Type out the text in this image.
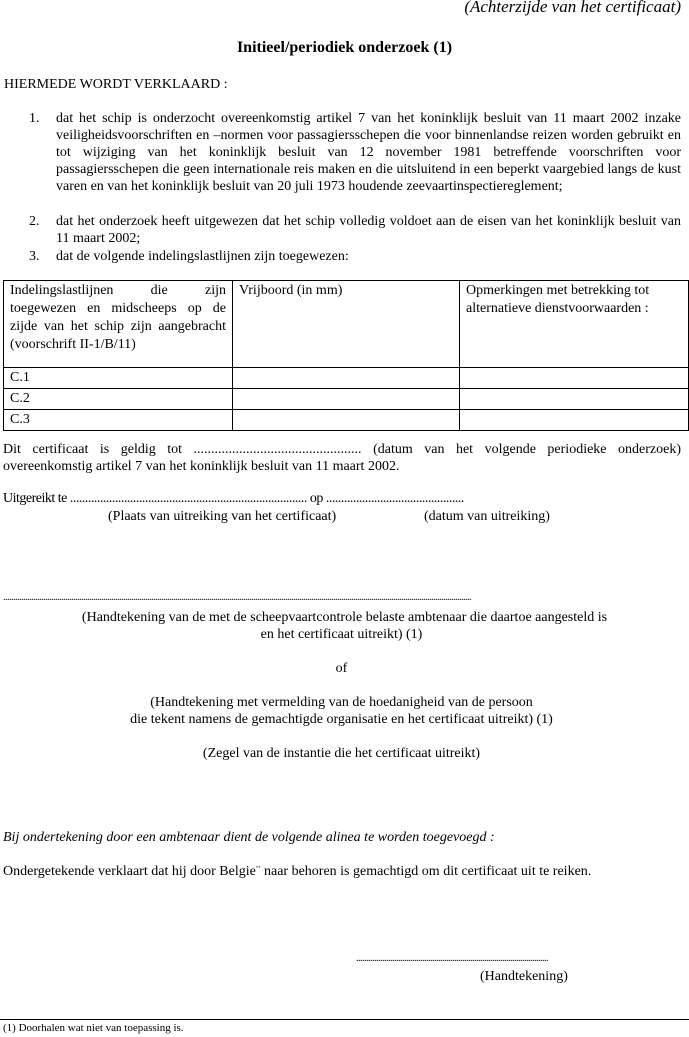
(Achterzijde van het certificaat)
Initieel/periodiek onderzoek (1)
HIERMEDE WORDT VERKLAARD :
1. dat het schip is onderzocht overeenkomstig artikel 7 van het koninklijk besluit van 11 maart 2002 inzake veiligheidsvoorschriften en –normen voor passagiersschepen die voor binnenlandse reizen worden gebruikt en tot wijziging van het koninklijk besluit van 12 november 1981 betreffende voorschriften voor passagiersschepen die geen internationale reis maken en die uitsluitend in een beperkt vaargebied langs de kust varen en van het koninklijk besluit van 20 juli 1973 houdende zeevaartinspectiereglement;
2. dat het onderzoek heeft uitgewezen dat het schip volledig voldoet aan de eisen van het koninklijk besluit van 11 maart 2002;
3. dat de volgende indelingslastlijnen zijn toegewezen:
Indelingslastlijnen die zijn toegewezen en midscheeps op de zijde van het schip zijn aangebracht (voorschrift II-1/B/11)	Vrijboord (in mm)	Opmerkingen met betrekking tot alternatieve dienstvoorwaarden :
C.1		
C.2		
C.3		
Dit certificaat is geldig tot ................................................ (datum van het volgende periodieke onderzoek) overeenkomstig artikel 7 van het koninklijk besluit van 11 maart 2002.
Uitgereikt te ............................................................................... op ..............................................
(Plaats van uitreiking van het certificaat)	(datum van uitreiking)
..........................................................................................................................................................................................................................................
(Handtekening van de met de scheepvaartcontrole belaste ambtenaar die daartoe aangesteld is
en het certificaat uitreikt) (1)
of
(Handtekening met vermelding van de hoedanigheid van de persoon
die tekent namens de gemachtigde organisatie en het certificaat uitreikt) (1)
(Zegel van de instantie die het certificaat uitreikt)
Bij ondertekening door een ambtenaar dient de volgende alinea te worden toegevoegd :
Ondergetekende verklaart dat hij door Belgie¨ naar behoren is gemachtigd om dit certificaat uit te reiken.
................................................................................................
(Handtekening)
(1) Doorhalen wat niet van toepassing is.
